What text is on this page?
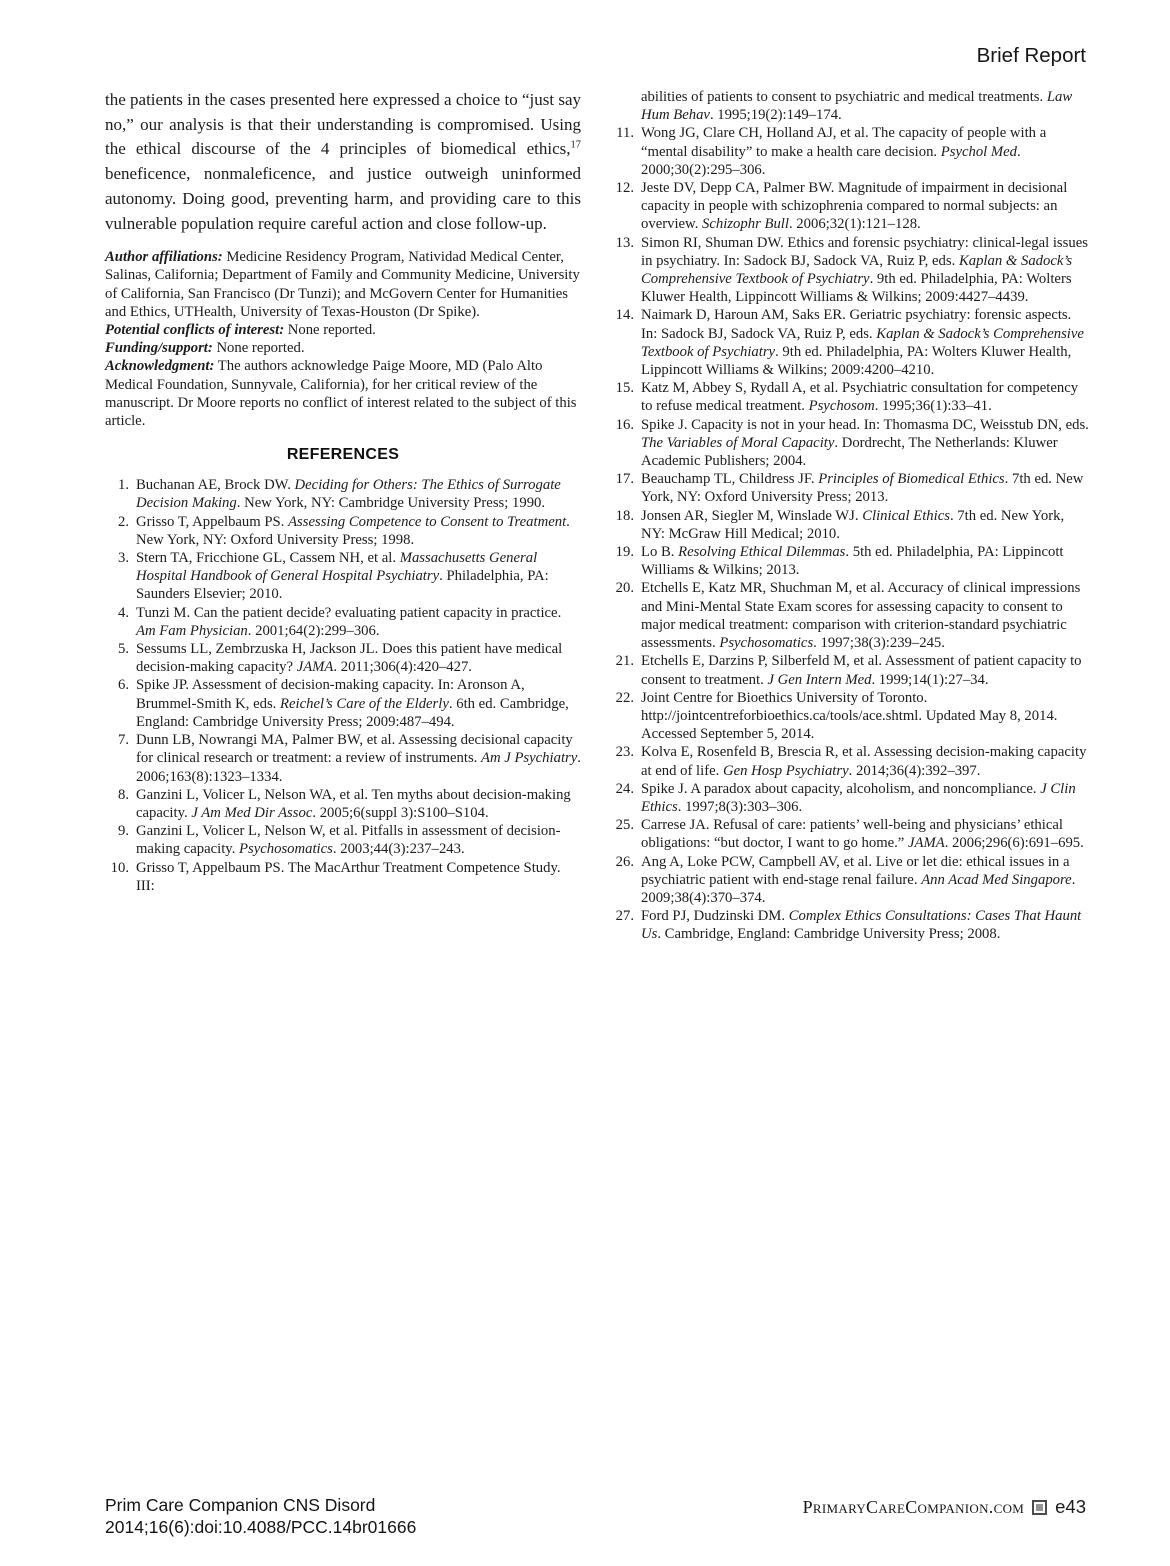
Brief Report

the patients in the cases presented here expressed a choice to “just say no,” our analysis is that their understanding is compromised. Using the ethical discourse of the 4 principles of biomedical ethics,$^{17}$ beneficence, nonmaleficence, and justice outweigh uninformed autonomy. Doing good, preventing harm, and providing care to this vulnerable population require careful action and close follow-up.

Author affiliations: Medicine Residency Program, Natividad Medical Center, Salinas, California; Department of Family and Community Medicine, University of California, San Francisco (Dr Tunzi); and McGovern Center for Humanities and Ethics, UTHealth, University of Texas-Houston (Dr Spike).
Potential conflicts of interest: None reported.
Funding/support: None reported.
Acknowledgment: The authors acknowledge Paige Moore, MD (Palo Alto Medical Foundation, Sunnyvale, California), for her critical review of the manuscript. Dr Moore reports no conflict of interest related to the subject of this article.
REFERENCES
1. Buchanan AE, Brock DW. Deciding for Others: The Ethics of Surrogate Decision Making. New York, NY: Cambridge University Press; 1990.
2. Grisso T, Appelbaum PS. Assessing Competence to Consent to Treatment. New York, NY: Oxford University Press; 1998.
3. Stern TA, Fricchione GL, Cassem NH, et al. Massachusetts General Hospital Handbook of General Hospital Psychiatry. Philadelphia, PA: Saunders Elsevier; 2010.
4. Tunzi M. Can the patient decide? evaluating patient capacity in practice. Am Fam Physician. 2001;64(2):299–306.
5. Sessums LL, Zembrzuska H, Jackson JL. Does this patient have medical decision-making capacity? JAMA. 2011;306(4):420–427.
6. Spike JP. Assessment of decision-making capacity. In: Aronson A, Brummel-Smith K, eds. Reichel’s Care of the Elderly. 6th ed. Cambridge, England: Cambridge University Press; 2009:487–494.
7. Dunn LB, Nowrangi MA, Palmer BW, et al. Assessing decisional capacity for clinical research or treatment: a review of instruments. Am J Psychiatry. 2006;163(8):1323–1334.
8. Ganzini L, Volicer L, Nelson WA, et al. Ten myths about decision-making capacity. J Am Med Dir Assoc. 2005;6(suppl 3):S100–S104.
9. Ganzini L, Volicer L, Nelson W, et al. Pitfalls in assessment of decision-making capacity. Psychosomatics. 2003;44(3):237–243.
10. Grisso T, Appelbaum PS. The MacArthur Treatment Competence Study. III:
abilities of patients to consent to psychiatric and medical treatments. Law Hum Behav. 1995;19(2):149–174.
11. Wong JG, Clare CH, Holland AJ, et al. The capacity of people with a “mental disability” to make a health care decision. Psychol Med. 2000;30(2):295–306.
12. Jeste DV, Depp CA, Palmer BW. Magnitude of impairment in decisional capacity in people with schizophrenia compared to normal subjects: an overview. Schizophr Bull. 2006;32(1):121–128.
13. Simon RI, Shuman DW. Ethics and forensic psychiatry: clinical-legal issues in psychiatry. In: Sadock BJ, Sadock VA, Ruiz P, eds. Kaplan & Sadock’s Comprehensive Textbook of Psychiatry. 9th ed. Philadelphia, PA: Wolters Kluwer Health, Lippincott Williams & Wilkins; 2009:4427–4439.
14. Naimark D, Haroun AM, Saks ER. Geriatric psychiatry: forensic aspects. In: Sadock BJ, Sadock VA, Ruiz P, eds. Kaplan & Sadock’s Comprehensive Textbook of Psychiatry. 9th ed. Philadelphia, PA: Wolters Kluwer Health, Lippincott Williams & Wilkins; 2009:4200–4210.
15. Katz M, Abbey S, Rydall A, et al. Psychiatric consultation for competency to refuse medical treatment. Psychosom. 1995;36(1):33–41.
16. Spike J. Capacity is not in your head. In: Thomasma DC, Weisstub DN, eds. The Variables of Moral Capacity. Dordrecht, The Netherlands: Kluwer Academic Publishers; 2004.
17. Beauchamp TL, Childress JF. Principles of Biomedical Ethics. 7th ed. New York, NY: Oxford University Press; 2013.
18. Jonsen AR, Siegler M, Winslade WJ. Clinical Ethics. 7th ed. New York, NY: McGraw Hill Medical; 2010.
19. Lo B. Resolving Ethical Dilemmas. 5th ed. Philadelphia, PA: Lippincott Williams & Wilkins; 2013.
20. Etchells E, Katz MR, Shuchman M, et al. Accuracy of clinical impressions and Mini-Mental State Exam scores for assessing capacity to consent to major medical treatment: comparison with criterion-standard psychiatric assessments. Psychosomatics. 1997;38(3):239–245.
21. Etchells E, Darzins P, Silberfeld M, et al. Assessment of patient capacity to consent to treatment. J Gen Intern Med. 1999;14(1):27–34.
22. Joint Centre for Bioethics University of Toronto. http://jointcentreforbioethics.ca/tools/ace.shtml. Updated May 8, 2014. Accessed September 5, 2014.
23. Kolva E, Rosenfeld B, Brescia R, et al. Assessing decision-making capacity at end of life. Gen Hosp Psychiatry. 2014;36(4):392–397.
24. Spike J. A paradox about capacity, alcoholism, and noncompliance. J Clin Ethics. 1997;8(3):303–306.
25. Carrese JA. Refusal of care: patients’ well-being and physicians’ ethical obligations: “but doctor, I want to go home.” JAMA. 2006;296(6):691–695.
26. Ang A, Loke PCW, Campbell AV, et al. Live or let die: ethical issues in a psychiatric patient with end-stage renal failure. Ann Acad Med Singapore. 2009;38(4):370–374.
27. Ford PJ, Dudzinski DM. Complex Ethics Consultations: Cases That Haunt Us. Cambridge, England: Cambridge University Press; 2008.
Prim Care Companion CNS Disord
2014;16(6):doi:10.4088/PCC.14br01666
PrimaryCareCompanion.com e43
